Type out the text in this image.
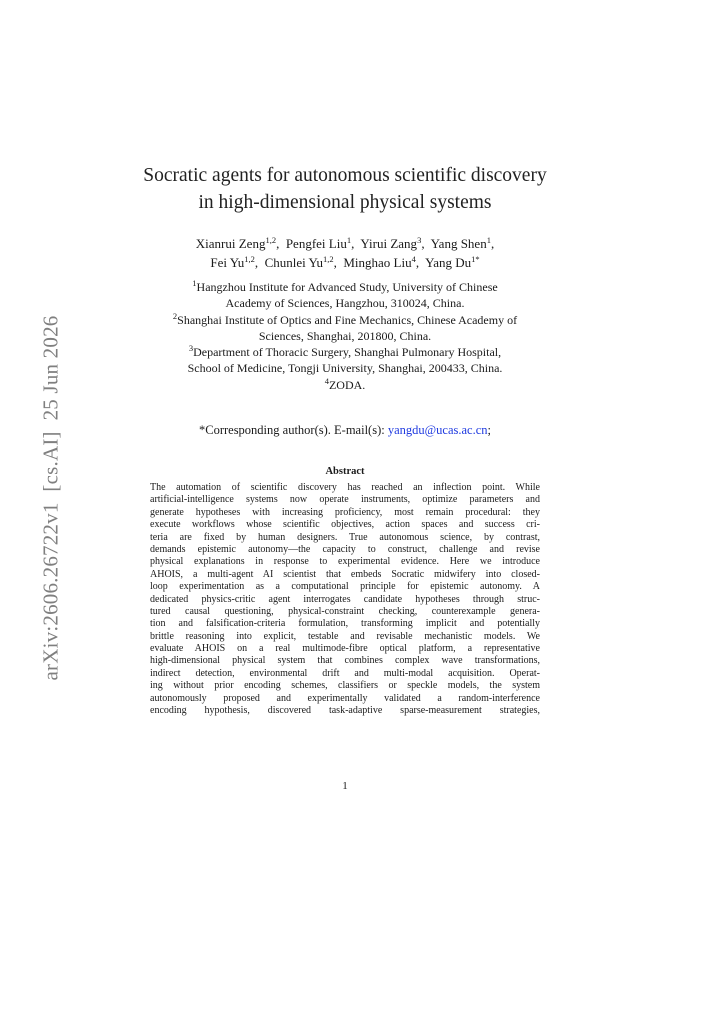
arXiv:2606.26722v1  [cs.AI]  25 Jun 2026
Socratic agents for autonomous scientific discovery
in high-dimensional physical systems
Xianrui Zeng$^{1,2}$,  Pengfei Liu$^1$,  Yirui Zang$^3$,  Yang Shen$^1$,
Fei Yu$^{1,2}$,  Chunlei Yu$^{1,2}$,  Minghao Liu$^4$,  Yang $Du^{1*}$
$^1$Hangzhou Institute for Advanced Study, University of Chinese
Academy of Sciences, Hangzhou, 310024, China.
$^2$Shanghai Institute of Optics and Fine Mechanics, Chinese Academy of
Sciences, Shanghai, 201800, China.
$^3$Department of Thoracic Surgery, Shanghai Pulmonary Hospital,
School of Medicine, Tongji University, Shanghai, 200433, China.
$^4$ZODA.
*Corresponding author(s). E-mail(s): yangdu@ucas.ac.cn;
Abstract
The automation of scientific discovery has reached an inflection point. While
artificial-intelligence systems now operate instruments, optimize parameters and
generate hypotheses with increasing proficiency, most remain procedural: they
execute workflows whose scientific objectives, action spaces and success cri-
teria are fixed by human designers. True autonomous science, by contrast,
demands epistemic autonomy—the capacity to construct, challenge and revise
physical explanations in response to experimental evidence. Here we introduce
AHOIS, a multi-agent AI scientist that embeds Socratic midwifery into closed-
loop experimentation as a computational principle for epistemic autonomy. A
dedicated physics-critic agent interrogates candidate hypotheses through struc-
tured causal questioning, physical-constraint checking, counterexample genera-
tion and falsification-criteria formulation, transforming implicit and potentially
brittle reasoning into explicit, testable and revisable mechanistic models. We
evaluate AHOIS on a real multimode-fibre optical platform, a representative
high-dimensional physical system that combines complex wave transformations,
indirect detection, environmental drift and multi-modal acquisition. Operat-
ing without prior encoding schemes, classifiers or speckle models, the system
autonomously proposed and experimentally validated a random-interference
encoding hypothesis, discovered task-adaptive sparse-measurement strategies,
1
